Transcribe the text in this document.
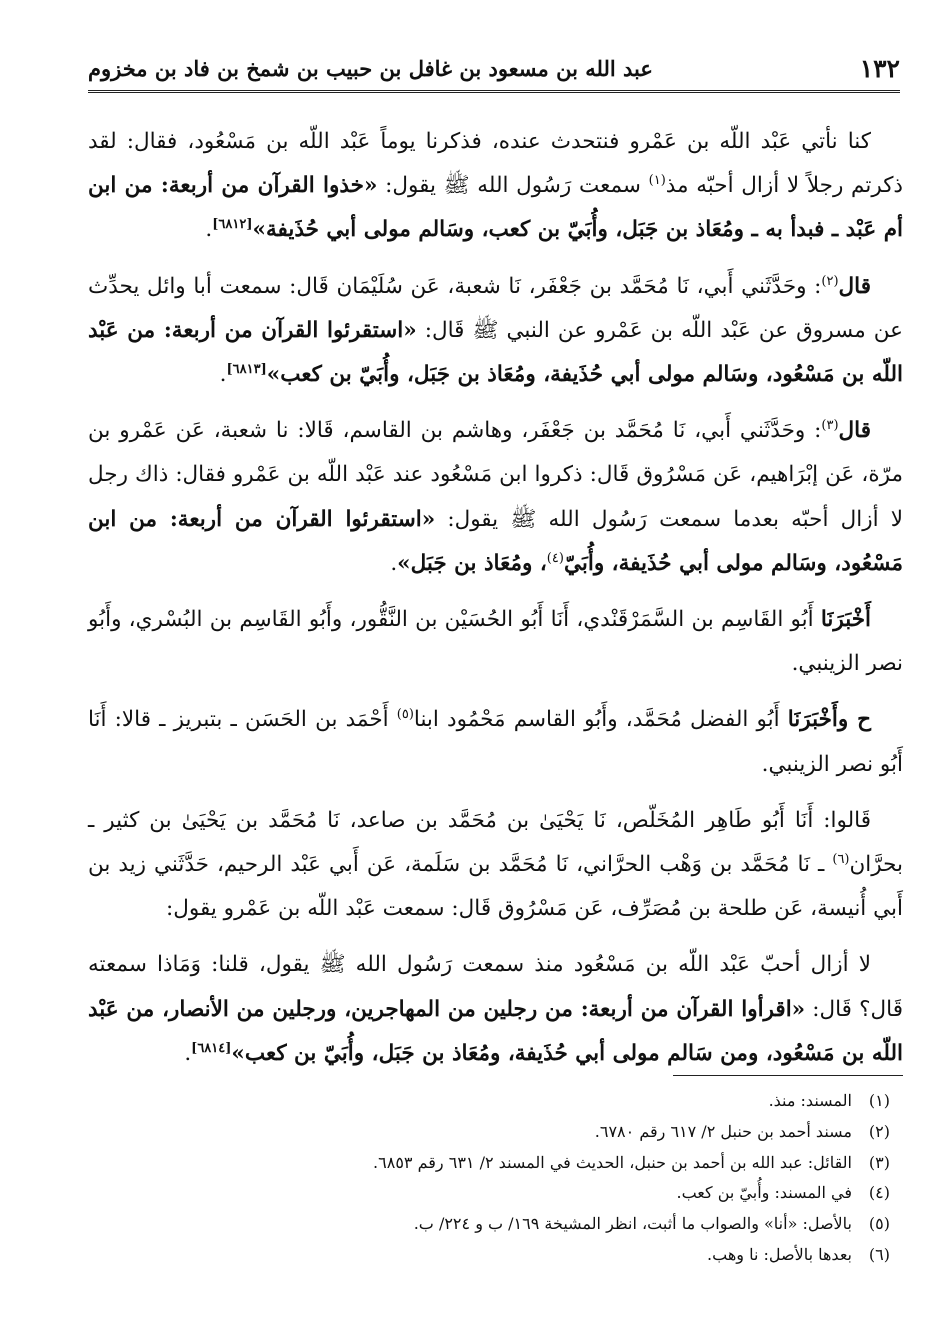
١٣٢
عبد الله بن مسعود بن غافل بن حبيب بن شمخ بن فاد بن مخزوم

كنا نأتي عَبْد اللّه بن عَمْرو فنتحدث عنده، فذكرنا يوماً عَبْد اللّه بن مَسْعُود، فقال: لقد ذكرتم رجلاً لا أزال أحبّه مذ$^{(١)}$ سمعت رَسُول الله ﷺ يقول: «خذوا القرآن من أربعة: من ابن أم عَبْد ـ فبدأ به ـ ومُعَاذ بن جَبَل، وأُبَيّ بن كعب، وسَالم مولى أبي حُذَيفة»[٦٨١٢].

قال$^{(٢)}$: وحَدَّثَني أَبي، نَا مُحَمَّد بن جَعْفَر، نَا شعبة، عَن سُلَيْمَان قَال: سمعت أبا وائل يحدِّث عن مسروق عن عَبْد اللّه بن عَمْرو عن النبي ﷺ قَال: «استقرئوا القرآن من أربعة: من عَبْد اللّه بن مَسْعُود، وسَالم مولى أبي حُذَيفة، ومُعَاذ بن جَبَل، وأُبَيّ بن كعب»[٦٨١٣].

قال$^{(٣)}$: وحَدَّثَني أَبي، نَا مُحَمَّد بن جَعْفَر، وهاشم بن القاسم، قَالا: نا شعبة، عَن عَمْرو بن مرّة، عَن إبْرَاهيم، عَن مَسْرُوق قَال: ذكروا ابن مَسْعُود عند عَبْد اللّه بن عَمْرو فقال: ذاك رجل لا أزال أحبّه بعدما سمعت رَسُول الله ﷺ يقول: «استقرئوا القرآن من أربعة: من ابن مَسْعُود، وسَالم مولى أبي حُذَيفة، وأُبَيّ$^{(٤)}$، ومُعَاذ بن جَبَل».

أَخْبَرَنَا أَبُو القَاسِم بن السَّمَرْقَنْدي، أَنَا أَبُو الحُسَيْن بن النَّقُّور، وأَبُو القَاسِم بن البُسْري، وأَبُو نصر الزينبي.

ح وأَخْبَرَنَا أَبُو الفضل مُحَمَّد، وأَبُو القاسم مَحْمُود ابنا$^{(٥)}$ أَحْمَد بن الحَسَن ـ بتبريز ـ قالا: أَنَا أَبُو نصر الزينبي.

قَالوا: أَنَا أَبُو طَاهِر المُخَلّص، نَا يَحْيَىٰ بن مُحَمَّد بن صاعد، نَا مُحَمَّد بن يَحْيَىٰ بن كثير ـ بحرَّان$^{(٦)}$ ـ نَا مُحَمَّد بن وَهْب الحرَّاني، نَا مُحَمَّد بن سَلَمة، عَن أَبي عَبْد الرحيم، حَدَّثَني زيد بن أَبي أُنيسة، عَن طلحة بن مُصَرِّف، عَن مَسْرُوق قَال: سمعت عَبْد اللّه بن عَمْرو يقول:

لا أزال أحبّ عَبْد اللّه بن مَسْعُود منذ سمعت رَسُول الله ﷺ يقول، قلنا: وَمَاذا سمعته قَال؟ قَال: «اقرأوا القرآن من أربعة: من رجلين من المهاجرين، ورجلين من الأنصار، من عَبْد اللّه بن مَسْعُود، ومن سَالم مولى أبي حُذَيفة، ومُعَاذ بن جَبَل، وأُبَيّ بن كعب»[٦٨١٤].

(١)
المسند: منذ.
(٢)
مسند أحمد بن حنبل ٢/ ٦١٧ رقم ٦٧٨٠.
(٣)
القائل: عبد الله بن أحمد بن حنبل، الحديث في المسند ٢/ ٦٣١ رقم ٦٨٥٣.
(٤)
في المسند: وأُبيّ بن كعب.
(٥)
بالأصل: «أنا» والصواب ما أثبت، انظر المشيخة ١٦٩/ ب و ٢٢٤/ ب.
(٦)
بعدها بالأصل: نا وهب.
